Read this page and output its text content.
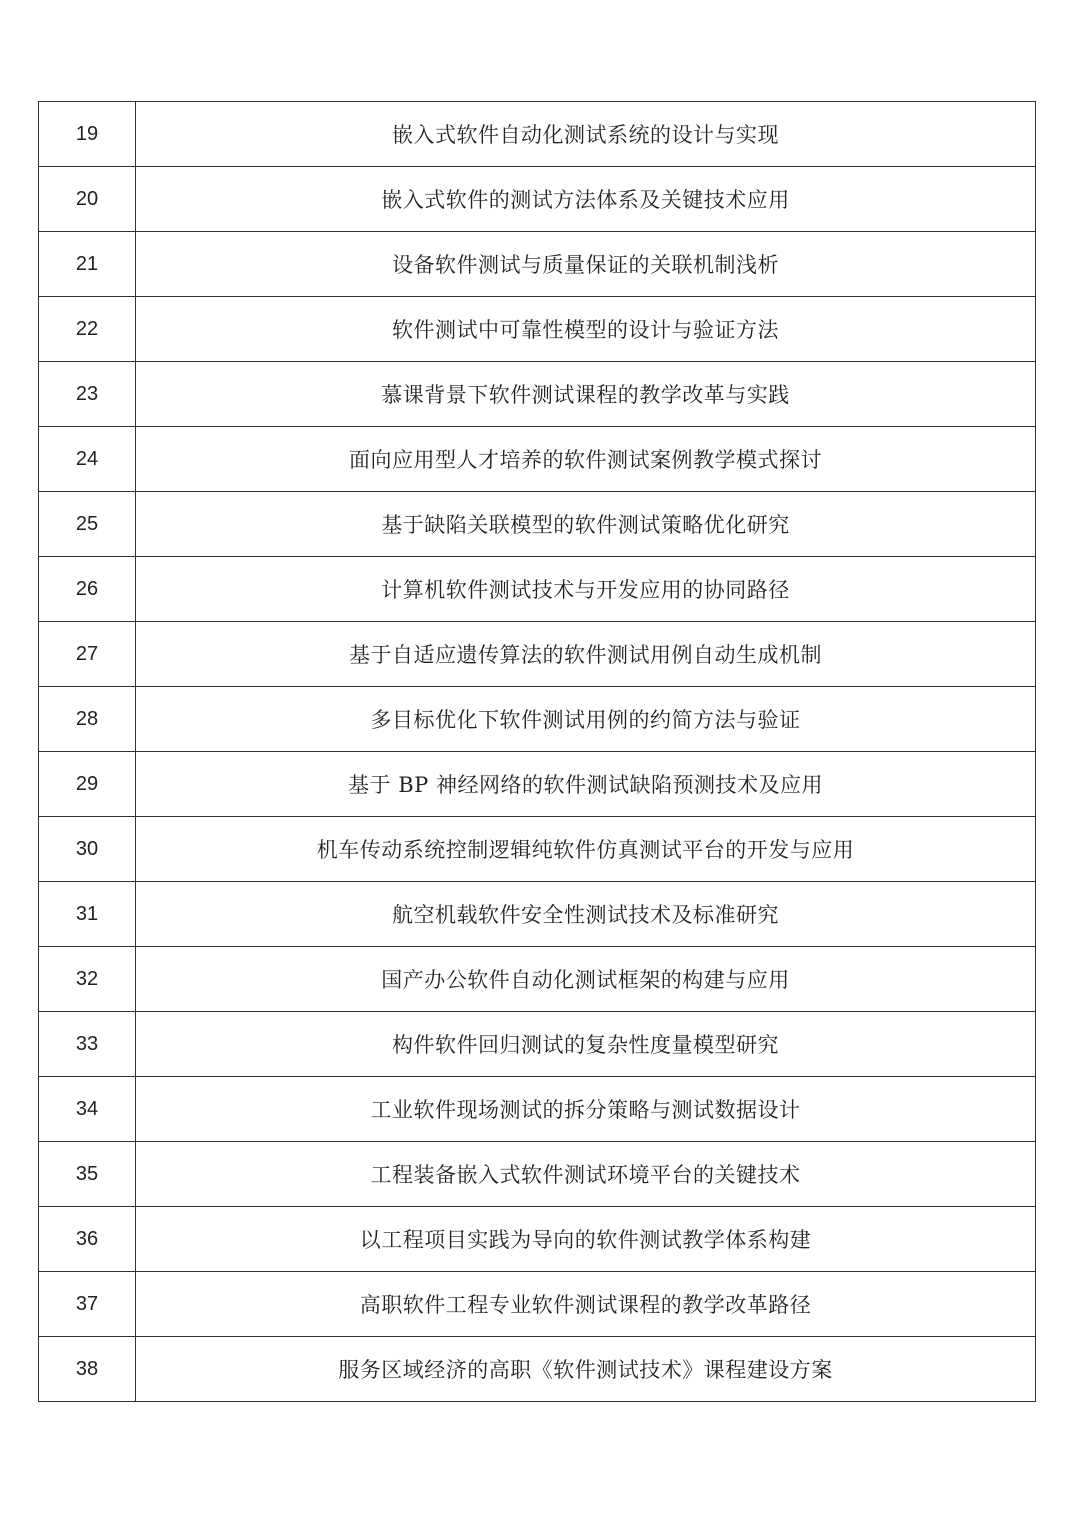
19	嵌入式软件自动化测试系统的设计与实现
20	嵌入式软件的测试方法体系及关键技术应用
21	设备软件测试与质量保证的关联机制浅析
22	软件测试中可靠性模型的设计与验证方法
23	慕课背景下软件测试课程的教学改革与实践
24	面向应用型人才培养的软件测试案例教学模式探讨
25	基于缺陷关联模型的软件测试策略优化研究
26	计算机软件测试技术与开发应用的协同路径
27	基于自适应遗传算法的软件测试用例自动生成机制
28	多目标优化下软件测试用例的约简方法与验证
29	基于 BP 神经网络的软件测试缺陷预测技术及应用
30	机车传动系统控制逻辑纯软件仿真测试平台的开发与应用
31	航空机载软件安全性测试技术及标准研究
32	国产办公软件自动化测试框架的构建与应用
33	构件软件回归测试的复杂性度量模型研究
34	工业软件现场测试的拆分策略与测试数据设计
35	工程装备嵌入式软件测试环境平台的关键技术
36	以工程项目实践为导向的软件测试教学体系构建
37	高职软件工程专业软件测试课程的教学改革路径
38	服务区域经济的高职《软件测试技术》课程建设方案
